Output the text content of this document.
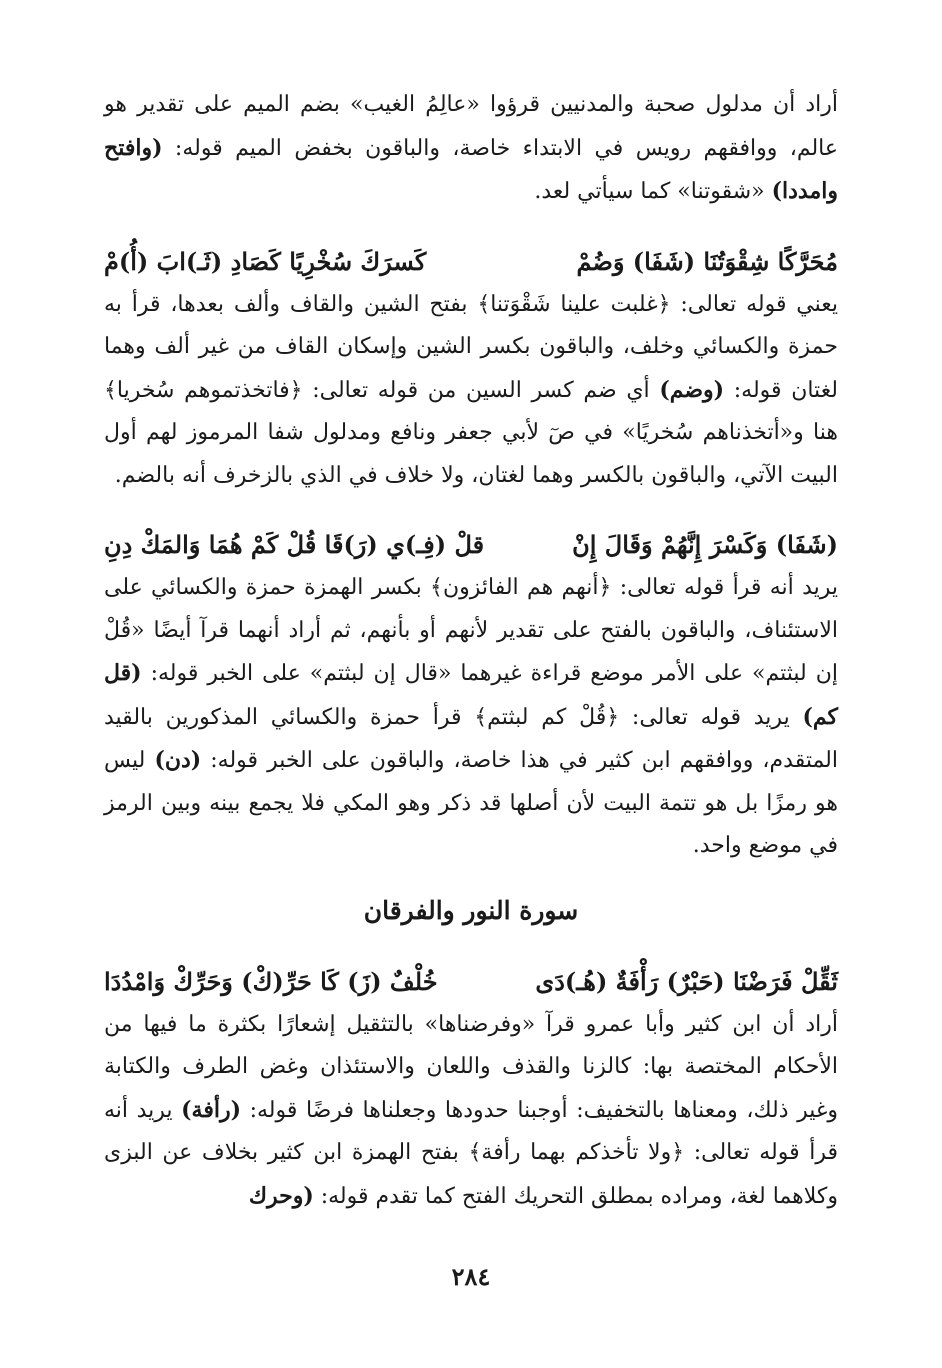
أراد أن مدلول صحبة والمدنيين قرؤوا «عالِمُ الغيب» بضم الميم على تقدير هو عالم، ووافقهم رويس في الابتداء خاصة، والباقون بخفض الميم قوله: (وافتح وامددا) «شقوتنا» كما سيأتي لعد.

مُحَرَّكًا شِقْوَتُنَا (شَفَا) وَضُمْ
كَسرَكَ سُخْرِيًا كَصَادِ (ثَـ)ابَ (أُ)مْ

يعني قوله تعالى: ﴿غلبت علينا شَقْوَتنا﴾ بفتح الشين والقاف وألف بعدها، قرأ به حمزة والكسائي وخلف، والباقون بكسر الشين وإسكان القاف من غير ألف وهما لغتان قوله: (وضم) أي ضم كسر السين من قوله تعالى: ﴿فاتخذتموهم سُخريا﴾ هنا و«أتخذناهم سُخريًا» في صٓ لأبي جعفر ونافع ومدلول شفا المرموز لهم أول البيت الآتي، والباقون بالكسر وهما لغتان، ولا خلاف في الذي بالزخرف أنه بالضم.

(شَفَا) وَكَسْرَ إِنَّهُمْ وَقَالَ إِنْ
قلْ (فِـ)ي (رَ)قَا قُلْ كَمْ هُمَا وَالمَكْ دِنِ

يريد أنه قرأ قوله تعالى: ﴿أنهم هم الفائزون﴾ بكسر الهمزة حمزة والكسائي على الاستئناف، والباقون بالفتح على تقدير لأنهم أو بأنهم، ثم أراد أنهما قرآ أيضًا «قُلْ إن لبثتم» على الأمر موضع قراءة غيرهما «قال إن لبثتم» على الخبر قوله: (قل كم) يريد قوله تعالى: ﴿قُلْ كم لبثتم﴾ قرأ حمزة والكسائي المذكورين بالقيد المتقدم، ووافقهم ابن كثير في هذا خاصة، والباقون على الخبر قوله: (دن) ليس هو رمزًا بل هو تتمة البيت لأن أصلها قد ذكر وهو المكي فلا يجمع بينه وبين الرمز في موضع واحد.

سورة النور والفرقان
ثَقِّلْ فَرَضْنَا (حَبْرٌ) رَأْفَةٌ (هُـ)دَى
خُلْفٌ (زَ) كَا حَرِّ(كْ) وَحَرِّكْ وَامْدُدَا

أراد أن ابن كثير وأبا عمرو قرآ «وفرضناها» بالتثقيل إشعارًا بكثرة ما فيها من الأحكام المختصة بها: كالزنا والقذف واللعان والاستئذان وغض الطرف والكتابة وغير ذلك، ومعناها بالتخفيف: أوجبنا حدودها وجعلناها فرضًا قوله: (رأفة) يريد أنه قرأ قوله تعالى: ﴿ولا تأخذكم بهما رأفة﴾ بفتح الهمزة ابن كثير بخلاف عن البزى وكلاهما لغة، ومراده بمطلق التحريك الفتح كما تقدم قوله: (وحرك

٢٨٤
